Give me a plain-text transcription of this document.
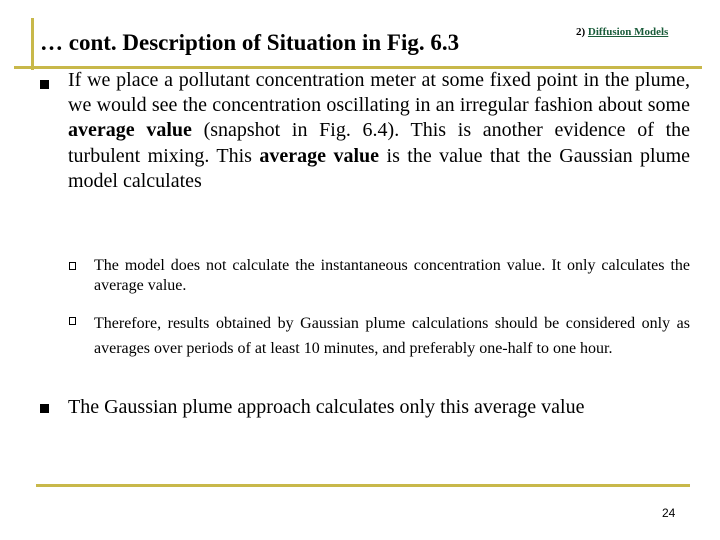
… cont. Description of Situation in Fig. 6.3	2) Diffusion Models

If we place a pollutant concentration meter at some fixed point in the plume, we would see the concentration oscillating in an irregular fashion about some average value (snapshot in Fig. 6.4). This is another evidence of the turbulent mixing. This average value is the value that the Gaussian plume model calculates

The model does not calculate the instantaneous concentration value. It only calculates the average value.

Therefore, results obtained by Gaussian plume calculations should be considered only as averages over periods of at least 10 minutes, and preferably one-half to one hour.

The Gaussian plume approach calculates only this average value

24
